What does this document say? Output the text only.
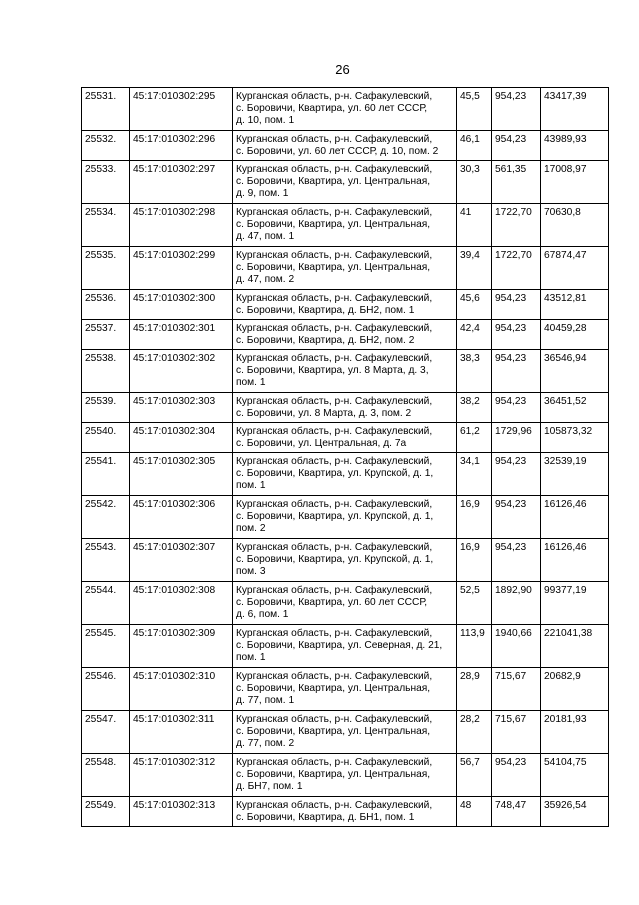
26
25531.	45:17:010302:295	Курганская область, р-н. Сафакулевский,
с. Боровичи, Квартира, ул. 60 лет СССР,
д. 10, пом. 1	45,5	954,23	43417,39
25532.	45:17:010302:296	Курганская область, р-н. Сафакулевский,
с. Боровичи, ул. 60 лет СССР, д. 10, пом. 2	46,1	954,23	43989,93
25533.	45:17:010302:297	Курганская область, р-н. Сафакулевский,
с. Боровичи, Квартира, ул. Центральная,
д. 9, пом. 1	30,3	561,35	17008,97
25534.	45:17:010302:298	Курганская область, р-н. Сафакулевский,
с. Боровичи, Квартира, ул. Центральная,
д. 47, пом. 1	41	1722,70	70630,8
25535.	45:17:010302:299	Курганская область, р-н. Сафакулевский,
с. Боровичи, Квартира, ул. Центральная,
д. 47, пом. 2	39,4	1722,70	67874,47
25536.	45:17:010302:300	Курганская область, р-н. Сафакулевский,
с. Боровичи, Квартира, д. БН2, пом. 1	45,6	954,23	43512,81
25537.	45:17:010302:301	Курганская область, р-н. Сафакулевский,
с. Боровичи, Квартира, д. БН2, пом. 2	42,4	954,23	40459,28
25538.	45:17:010302:302	Курганская область, р-н. Сафакулевский,
с. Боровичи, Квартира, ул. 8 Марта, д. 3,
пом. 1	38,3	954,23	36546,94
25539.	45:17:010302:303	Курганская область, р-н. Сафакулевский,
с. Боровичи, ул. 8 Марта, д. 3, пом. 2	38,2	954,23	36451,52
25540.	45:17:010302:304	Курганская область, р-н. Сафакулевский,
с. Боровичи, ул. Центральная, д. 7а	61,2	1729,96	105873,32
25541.	45:17:010302:305	Курганская область, р-н. Сафакулевский,
с. Боровичи, Квартира, ул. Крупской, д. 1,
пом. 1	34,1	954,23	32539,19
25542.	45:17:010302:306	Курганская область, р-н. Сафакулевский,
с. Боровичи, Квартира, ул. Крупской, д. 1,
пом. 2	16,9	954,23	16126,46
25543.	45:17:010302:307	Курганская область, р-н. Сафакулевский,
с. Боровичи, Квартира, ул. Крупской, д. 1,
пом. 3	16,9	954,23	16126,46
25544.	45:17:010302:308	Курганская область, р-н. Сафакулевский,
с. Боровичи, Квартира, ул. 60 лет СССР,
д. 6, пом. 1	52,5	1892,90	99377,19
25545.	45:17:010302:309	Курганская область, р-н. Сафакулевский,
с. Боровичи, Квартира, ул. Северная, д. 21,
пом. 1	113,9	1940,66	221041,38
25546.	45:17:010302:310	Курганская область, р-н. Сафакулевский,
с. Боровичи, Квартира, ул. Центральная,
д. 77, пом. 1	28,9	715,67	20682,9
25547.	45:17:010302:311	Курганская область, р-н. Сафакулевский,
с. Боровичи, Квартира, ул. Центральная,
д. 77, пом. 2	28,2	715,67	20181,93
25548.	45:17:010302:312	Курганская область, р-н. Сафакулевский,
с. Боровичи, Квартира, ул. Центральная,
д. БН7, пом. 1	56,7	954,23	54104,75
25549.	45:17:010302:313	Курганская область, р-н. Сафакулевский,
с. Боровичи, Квартира, д. БН1, пом. 1	48	748,47	35926,54
